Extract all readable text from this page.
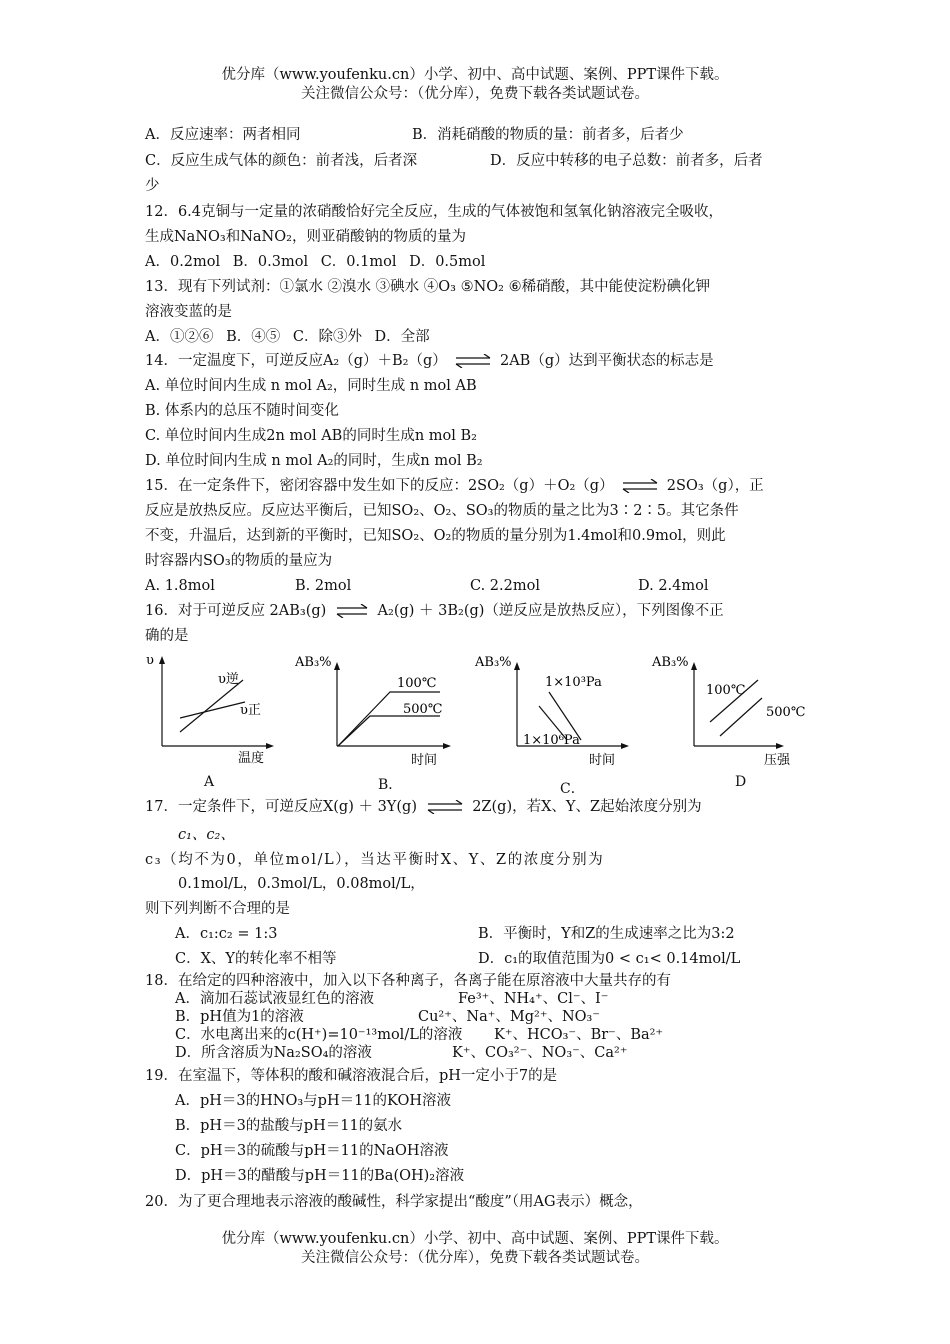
优分库（www.youfenku.cn）小学、初中、高中试题、案例、PPT课件下载。
关注微信公众号：（优分库），免费下载各类试题试卷。
A．反应速率：两者相同	B．消耗硝酸的物质的量：前者多，后者少
C．反应生成气体的颜色：前者浅，后者深	D．反应中转移的电子总数：前者多，后者
少
12．6.4克铜与一定量的浓硝酸恰好完全反应，生成的气体被饱和氢氧化钠溶液完全吸收，
生成NaNO₃和NaNO₂，则亚硝酸钠的物质的量为
A．0.2mol B．0.3mol C．0.1mol D．0.5mol
13．现有下列试剂：①氯水 ②溴水 ③碘水 ④O₃ ⑤NO₂ ⑥稀硝酸，其中能使淀粉碘化钾
溶液变蓝的是
A．①②⑥ B．④⑤ C．除③外 D．全部
14．一定温度下，可逆反应A₂（g）＋B₂（g） ⇌ 2AB（g）达到平衡状态的标志是
A. 单位时间内生成 n mol A₂，同时生成 n mol AB
B. 体系内的总压不随时间变化
C. 单位时间内生成2n mol AB的同时生成n mol B₂
D. 单位时间内生成 n mol A₂的同时，生成n mol B₂
15．在一定条件下，密闭容器中发生如下的反应：2SO₂（g）＋O₂（g） ⇌ 2SO₃（g），正
反应是放热反应。反应达平衡后，已知SO₂、O₂、SO₃的物质的量之比为3∶2∶5。其它条件
不变，升温后，达到新的平衡时，已知SO₂、O₂的物质的量分别为1.4mol和0.9mol，则此
时容器内SO₃的物质的量应为
A. 1.8mol	B. 2mol	C. 2.2mol	D. 2.4mol
16．对于可逆反应 2AB₃(g) ⇌ A₂(g) ＋ 3B₂(g)（逆反应是放热反应），下列图像不正
确的是
υ
υ逆
υ正
温度
A
AB₃%
100℃
500℃
时间
B．
AB₃%
1×10³Pa
1×10⁶Pa
时间
C．
AB₃%
100℃
500℃
压强
D
17．一定条件下，可逆反应X(g) ＋ 3Y(g) ⇌ 2Z(g)，若X、Y、Z起始浓度分别为
c₁、c₂、
c₃（均不为0，单位mol/L），当达平衡时X、Y、Z的浓度分别为
0.1mol/L，0.3mol/L，0.08mol/L，
则下列判断不合理的是
A．c₁:c₂ = 1:3	B．平衡时，Y和Z的生成速率之比为3:2
C．X、Y的转化率不相等	D．c₁的取值范围为0 < c₁< 0.14mol/L
18．在给定的四种溶液中，加入以下各种离子，各离子能在原溶液中大量共存的有
A．滴加石蕊试液显红色的溶液	Fe³⁺、NH₄⁺、Cl⁻、I⁻
B．pH值为1的溶液	Cu²⁺、Na⁺、Mg²⁺、NO₃⁻
C．水电离出来的c(H⁺)=10⁻¹³mol/L的溶液 K⁺、HCO₃⁻、Br⁻、Ba²⁺
D．所含溶质为Na₂SO₄的溶液	K⁺、CO₃²⁻、NO₃⁻、Ca²⁺
19．在室温下，等体积的酸和碱溶液混合后，pH一定小于7的是
A．pH＝3的HNO₃与pH＝11的KOH溶液
B．pH＝3的盐酸与pH＝11的氨水
C．pH＝3的硫酸与pH＝11的NaOH溶液
D．pH＝3的醋酸与pH＝11的Ba(OH)₂溶液
20．为了更合理地表示溶液的酸碱性，科学家提出“酸度”（用AG表示）概念，
优分库（www.youfenku.cn）小学、初中、高中试题、案例、PPT课件下载。
关注微信公众号：（优分库），免费下载各类试题试卷。
